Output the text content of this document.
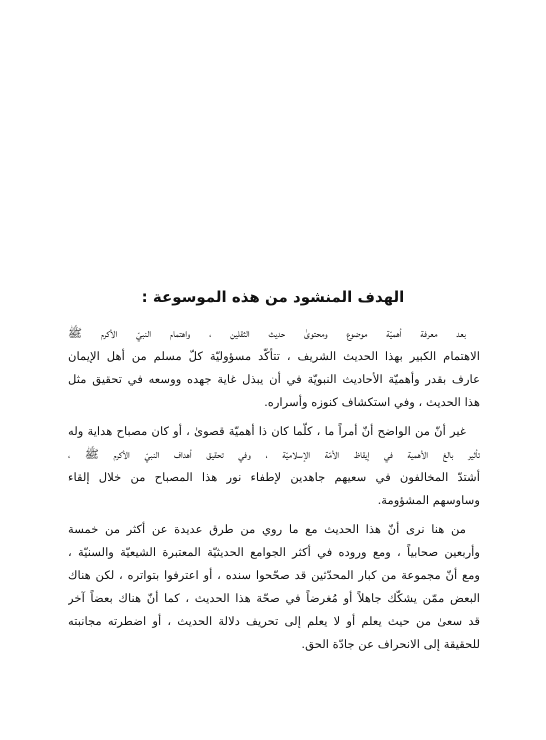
الهدف المنشود من هذه الموسوعة :

بعد معرفة أهميّة موضوع ومحتوىٰ حديث الثقلين ، واهتمام النبيّ الأكرم ﷺ
الاهتمام الكبير بهذا الحديث الشريف ، تتأكّد مسؤوليّة كلّ مسلم من أهل الإيمان
عارف بقدر وأهميّة الأحاديث النبويّة في أن يبذل غاية جهده ووسعه في تحقيق مثل
هذا الحديث ، وفي استكشاف كنوزه وأسراره.

غير أنّ من الواضح أنّ أمراً ما ، كلّما كان ذا أهميّة قصوىٰ ، أو كان مصباح هداية وله
تأثير بالغ الأهمية في إيقاظ الأمّة الإسلاميّة ، وفي تحقيق أهداف النبيّ الأكرم ﷺ ،
أشتدّ المخالفون في سعيهم جاهدين لإطفاء نور هذا المصباح من خلال إلقاء
وساوسهم المشؤومة.

من هنا نرى أنّ هذا الحديث مع ما روي من طرق عديدة عن أكثر من خمسة
وأربعين صحابياً ، ومع وروده في أكثر الجوامع الحديثيّة المعتبرة الشيعيّة والسنيّة ،
ومع أنّ مجموعة من كبار المحدّثين قد صحّحوا سنده ، أو اعترفوا بتواتره ، لكن هناك
البعض ممّن يشكّك جاهلاً أو مُغرضاً في صحّة هذا الحديث ، كما أنّ هناك بعضاً آخر
قد سعىٰ من حيث يعلم أو لا يعلم إلى تحريف دلالة الحديث ، أو اضطرته مجانبته
للحقيقة إلى الانحراف عن جادّة الحق.
